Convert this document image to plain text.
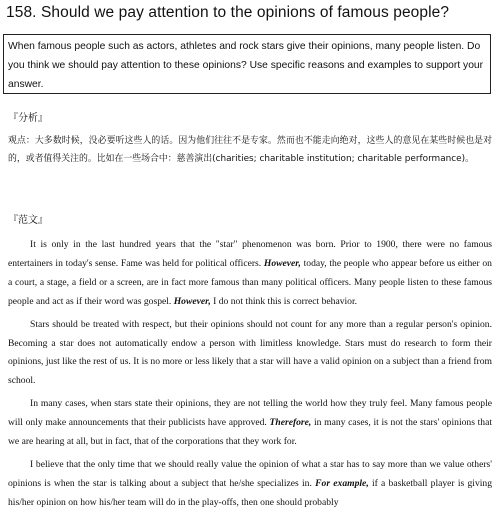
158. Should we pay attention to the opinions of famous people?
When famous people such as actors, athletes and rock stars give their opinions, many people listen. Do you think we should pay attention to these opinions? Use specific reasons and examples to support your answer.
『分析』
观点：大多数时候，没必要听这些人的话。因为他们往往不是专家。然而也不能走向绝对，这些人的意见在某些时候也是对的，或者值得关注的。比如在一些场合中：慈善演出(charities; charitable institution; charitable performance)。
『范文』

It is only in the last hundred years that the "star" phenomenon was born. Prior to 1900, there were no famous entertainers in today's sense. Fame was held for political officers. However, today, the people who appear before us either on a court, a stage, a field or a screen, are in fact more famous than many political officers. Many people listen to these famous people and act as if their word was gospel. However, I do not think this is correct behavior.

Stars should be treated with respect, but their opinions should not count for any more than a regular person's opinion. Becoming a star does not automatically endow a person with limitless knowledge. Stars must do research to form their opinions, just like the rest of us. It is no more or less likely that a star will have a valid opinion on a subject than a friend from school.

In many cases, when stars state their opinions, they are not telling the world how they truly feel. Many famous people will only make announcements that their publicists have approved. Therefore, in many cases, it is not the stars' opinions that we are hearing at all, but in fact, that of the corporations that they work for.

I believe that the only time that we should really value the opinion of what a star has to say more than we value others' opinions is when the star is talking about a subject that he/she specializes in. For example, if a basketball player is giving his/her opinion on how his/her team will do in the play-offs, then one should probably
